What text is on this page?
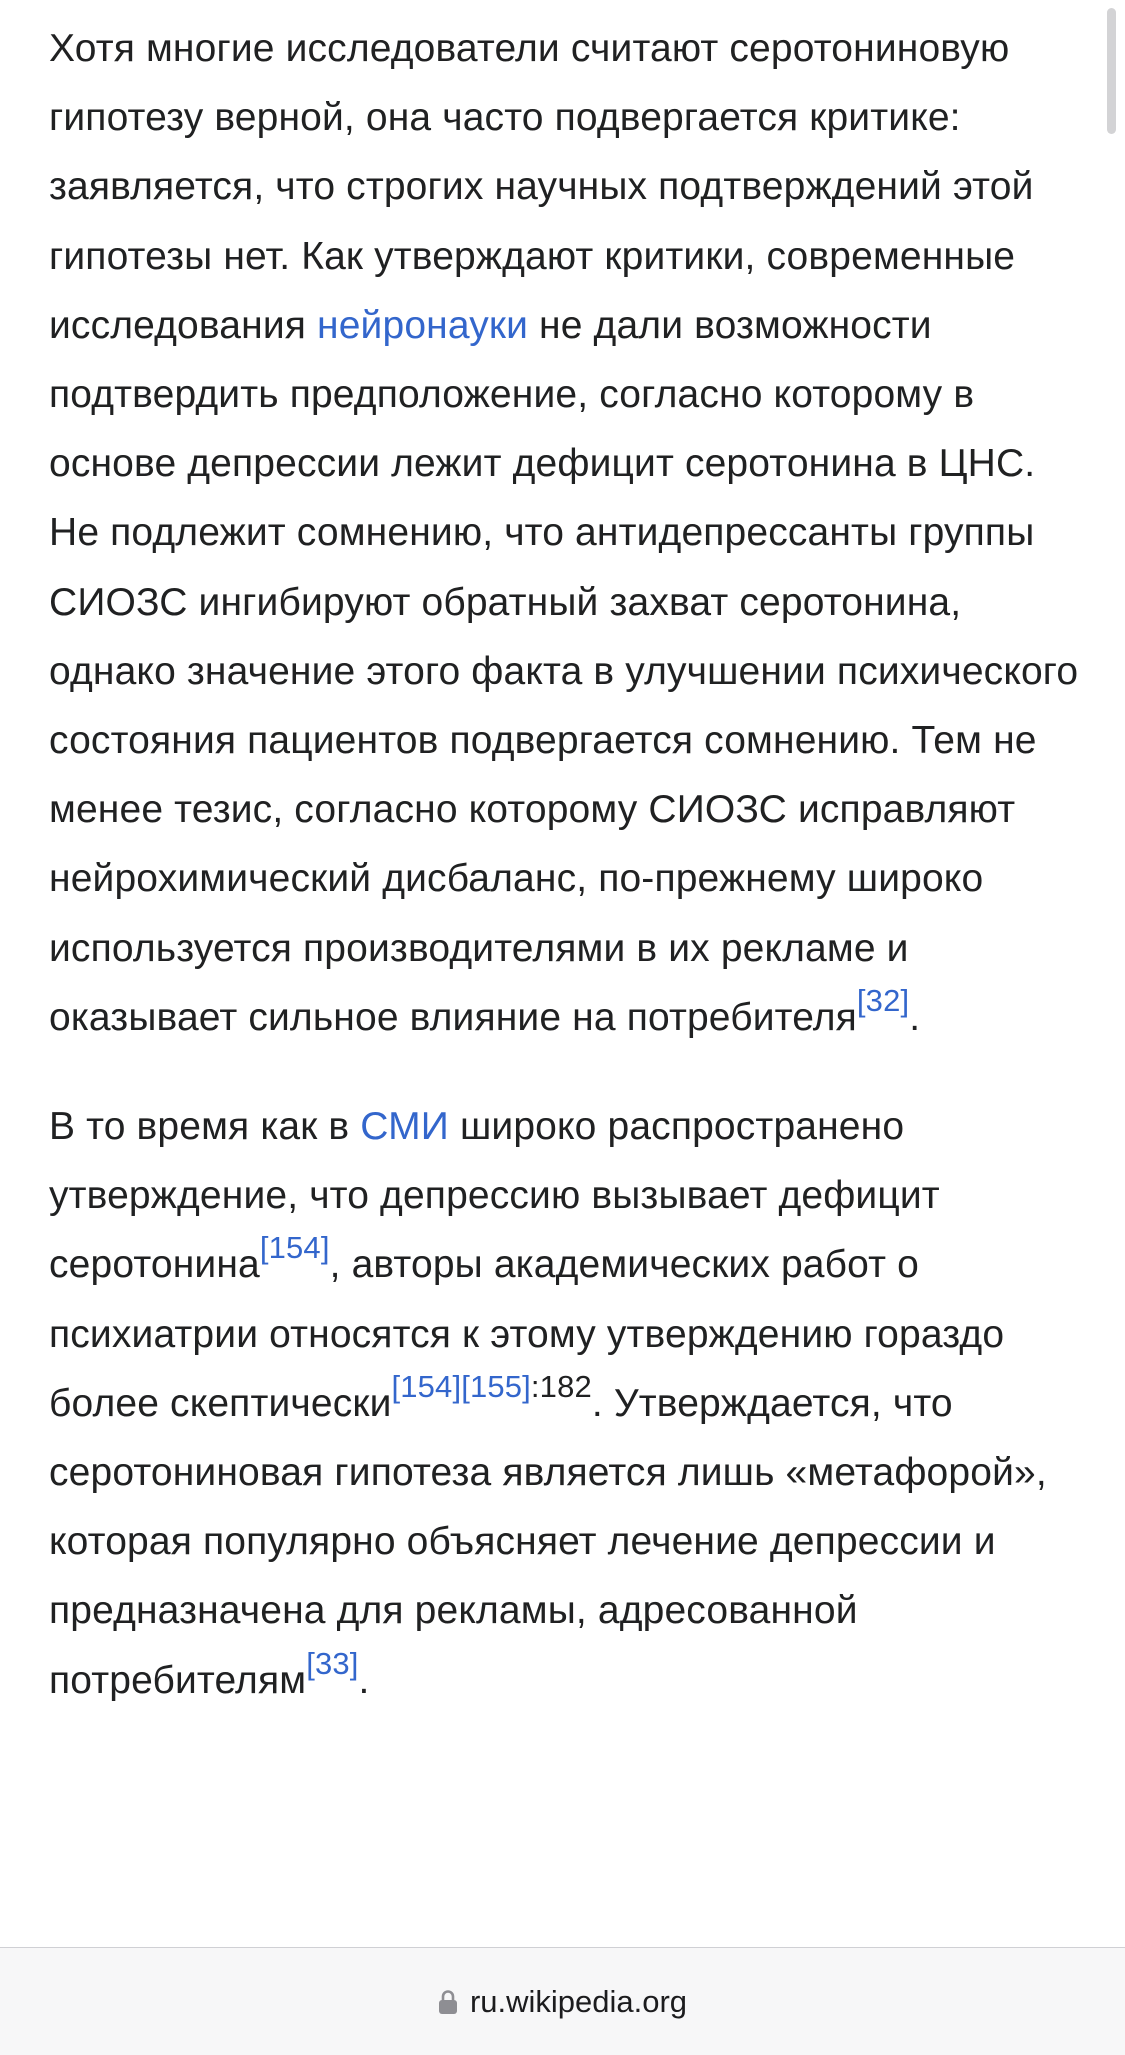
Хотя многие исследователи считают серотониновую гипотезу верной, она часто подвергается критике: заявляется, что строгих научных подтверждений этой гипотезы нет. Как утверждают критики, современные исследования нейронауки не дали возможности подтвердить предположение, согласно которому в основе депрессии лежит дефицит серотонина в ЦНС. Не подлежит сомнению, что антидепрессанты группы СИОЗС ингибируют обратный захват серотонина, однако значение этого факта в улучшении психического состояния пациентов подвергается сомнению. Тем не менее тезис, согласно которому СИОЗС исправляют нейрохимический дисбаланс, по-прежнему широко используется производителями в их рекламе и оказывает сильное влияние на потребителя[32].

В то время как в СМИ широко распространено утверждение, что депрессию вызывает дефицит серотонина[154], авторы академических работ о психиатрии относятся к этому утверждению гораздо более скептически$^{[154][155]:182}$. Утверждается, что серотониновая гипотеза является лишь «метафорой», которая популярно объясняет лечение депрессии и предназначена для рекламы, адресованной потребителям[33].

ru.wikipedia.org
